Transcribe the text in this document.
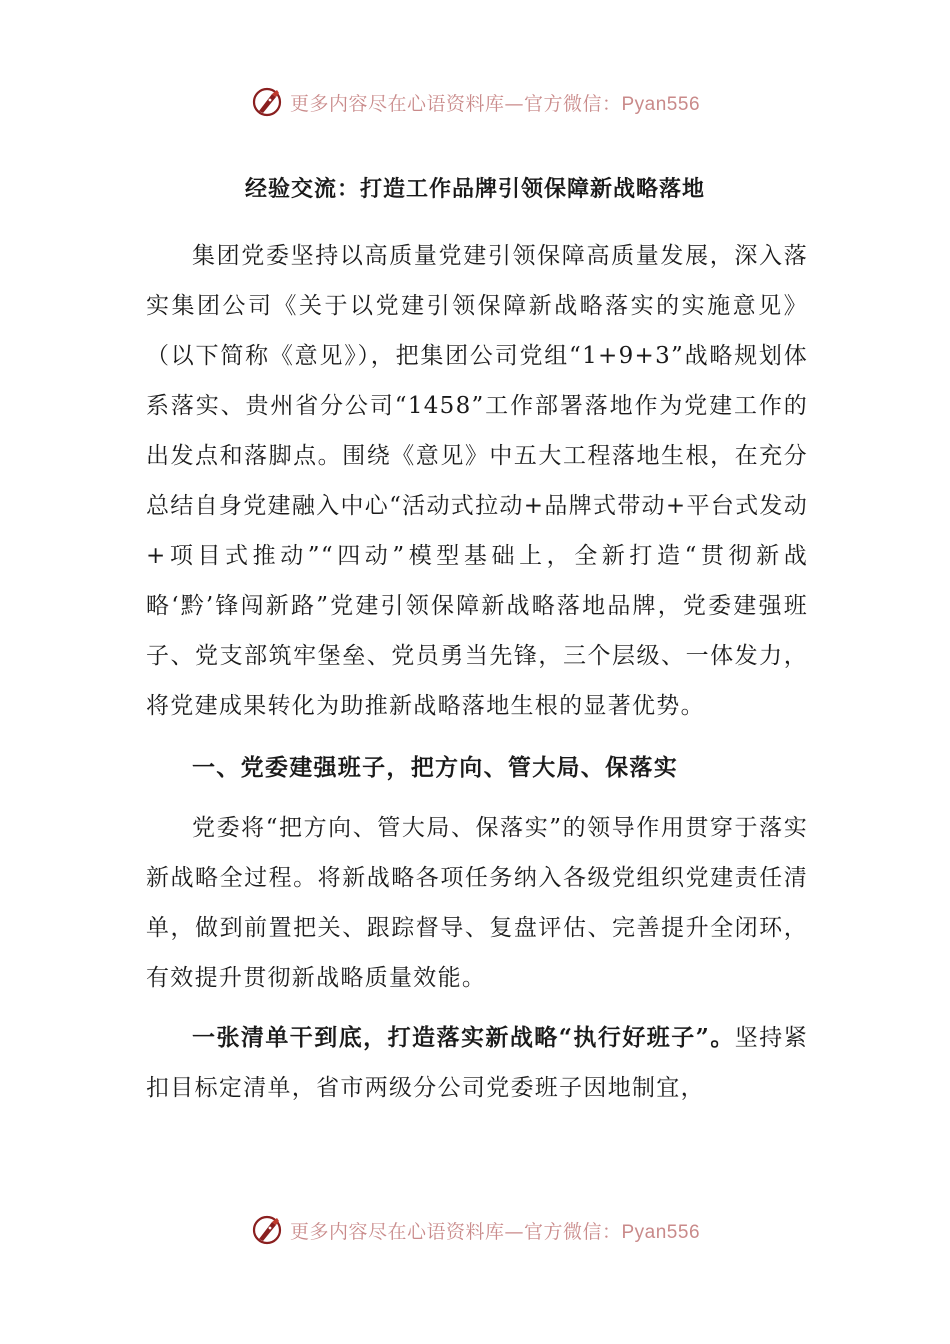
更多内容尽在心语资料库—官方微信：Pyan556
经验交流：打造工作品牌引领保障新战略落地

集团党委坚持以高质量党建引领保障高质量发展，深入落实集团公司《关于以党建引领保障新战略落实的实施意见》（以下简称《意见》），把集团公司党组“1+9+3”战略规划体系落实、贵州省分公司“1458”工作部署落地作为党建工作的出发点和落脚点。围绕《意见》中五大工程落地生根，在充分总结自身党建融入中心“活动式拉动+品牌式带动+平台式发动+项目式推动”“四动”模型基础上，全新打造“贯彻新战略‘黔’锋闯新路”党建引领保障新战略落地品牌，党委建强班子、党支部筑牢堡垒、党员勇当先锋，三个层级、一体发力，将党建成果转化为助推新战略落地生根的显著优势。

一、党委建强班子，把方向、管大局、保落实

党委将“把方向、管大局、保落实”的领导作用贯穿于落实新战略全过程。将新战略各项任务纳入各级党组织党建责任清单，做到前置把关、跟踪督导、复盘评估、完善提升全闭环，有效提升贯彻新战略质量效能。

一张清单干到底，打造落实新战略“执行好班子”。坚持紧扣目标定清单，省市两级分公司党委班子因地制宜，

更多内容尽在心语资料库—官方微信：Pyan556
